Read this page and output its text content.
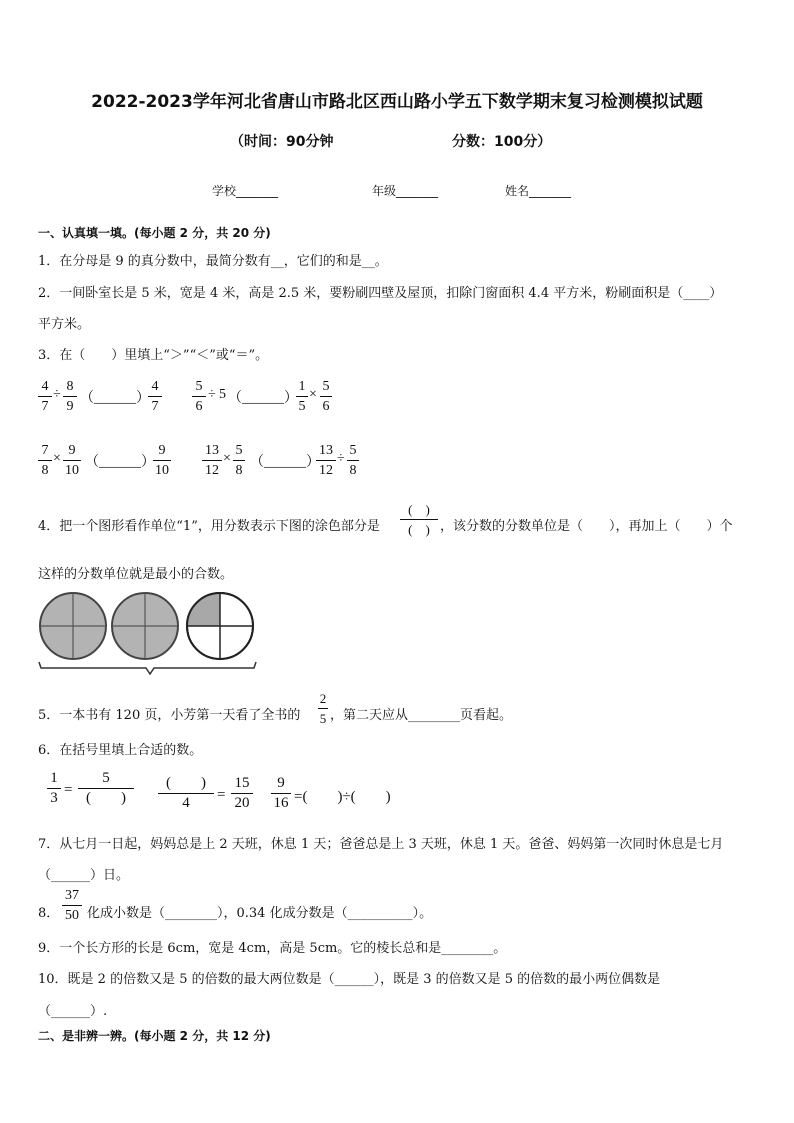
2022-2023学年河北省唐山市路北区西山路小学五下数学期末复习检测模拟试题
（时间：90分钟	分数：100分）
学校_______	年级_______	姓名_______
一、认真填一填。(每小题 2 分，共 20 分)
1．在分母是 9 的真分数中，最简分数有__，它们的和是__。
2．一间卧室长是 5 米，宽是 4 米，高是 2.5 米，要粉刷四壁及屋顶，扣除门窗面积 4.4 平方米，粉刷面积是（____）
平方米。
3．在（　　）里填上“＞”“＜”或“＝”。
4
7
÷
8
9
（______）
4
7
5
6
÷ 5 （______）
1
5
×
5
6
7
8
×
9
10
（______）
9
10
13
12
×
5
8
（______）
13
12
÷
5
8
4．把一个图形看作单位“1”，用分数表示下图的涂色部分是
(　)
(　) ，该分数的分数单位是（　　），再加上（　　）个
这样的分数单位就是最小的合数。
5．一本书有 120 页，小芳第一天看了全书的
2
5 ，第二天应从________页看起。
6．在括号里填上合适的数。
1
3 =
5
(　　)
(　　)
4	=
15
20
9
16 =(　　)÷(　　)
7．从七月一日起，妈妈总是上 2 天班，休息 1 天；爸爸总是上 3 天班，休息 1 天。爸爸、妈妈第一次同时休息是七月
（______）日。
8．
37
50 化成小数是（________），0.34 化成分数是（__________）。
9．一个长方形的长是 6cm，宽是 4cm，高是 5cm。它的棱长总和是________。
10．既是 2 的倍数又是 5 的倍数的最大两位数是（______），既是 3 的倍数又是 5 的倍数的最小两位偶数是
（______）.
二、是非辨一辨。(每小题 2 分，共 12 分)
